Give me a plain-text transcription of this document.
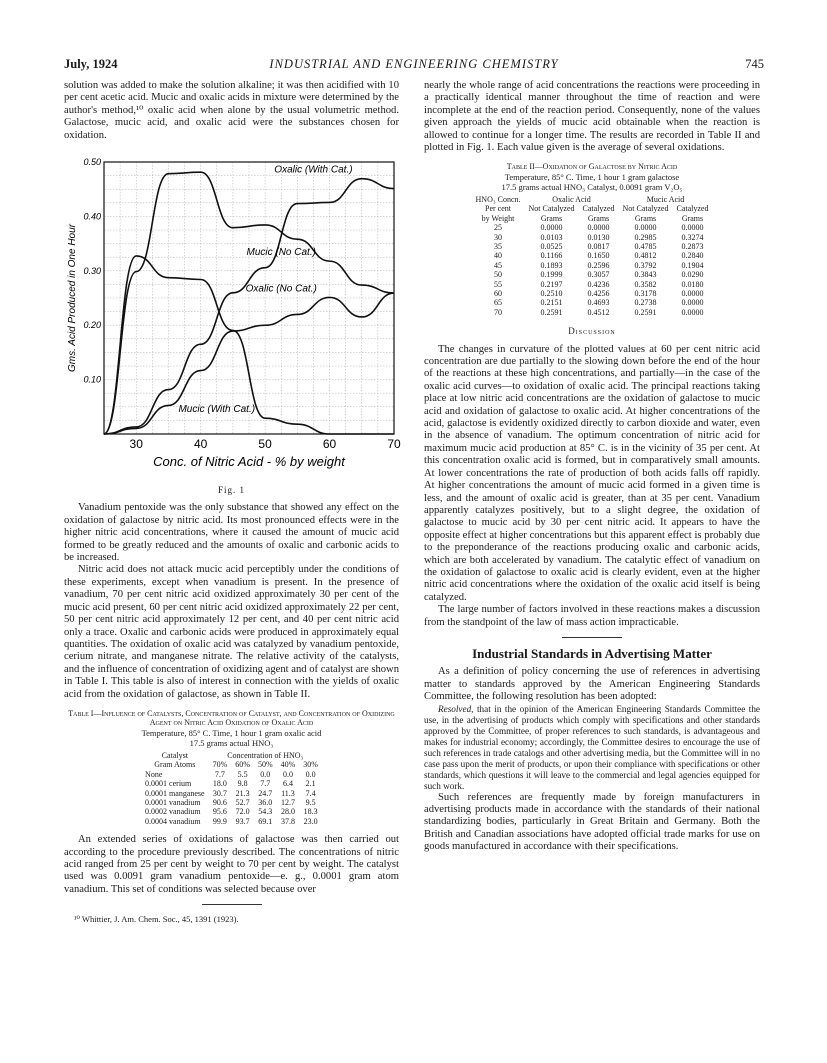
July, 1924	INDUSTRIAL AND ENGINEERING CHEMISTRY	745

solution was added to make the solution alkaline; it was then acidified with 10 per cent acetic acid. Mucic and oxalic acids in mixture were determined by the author's method,¹⁰ oxalic acid when alone by the usual volumetric method. Galactose, mucic acid, and oxalic acid were the substances chosen for oxidation.

30	40	50	60	70
0.50
0.40
0.30
0.20
0.10
Conc. of Nitric Acid - % by weight
Gms. Acid Produced in One Hour
Oxalic (With Cat.)
Mucic (No Cat.)
Oxalic (No Cat.)
Mucic (With Cat.)
Fig. 1

Vanadium pentoxide was the only substance that showed any effect on the oxidation of galactose by nitric acid. Its most pronounced effects were in the higher nitric acid concentrations, where it caused the amount of mucic acid formed to be greatly reduced and the amounts of oxalic and carbonic acids to be increased.

Nitric acid does not attack mucic acid perceptibly under the conditions of these experiments, except when vanadium is present. In the presence of vanadium, 70 per cent nitric acid oxidized approximately 30 per cent of the mucic acid present, 60 per cent nitric acid oxidized approximately 22 per cent, 50 per cent nitric acid approximately 12 per cent, and 40 per cent nitric acid only a trace. Oxalic and carbonic acids were produced in approximately equal quantities. The oxidation of oxalic acid was catalyzed by vanadium pentoxide, cerium nitrate, and manganese nitrate. The relative activity of the catalysts, and the influence of concentration of oxidizing agent and of catalyst are shown in Table I. This table is also of interest in connection with the yields of oxalic acid from the oxidation of galactose, as shown in Table II.

Table I—Influence of Catalysts, Concentration of Catalyst, and Concentration of Oxidizing Agent on Nitric Acid Oxidation of Oxalic Acid
Temperature, 85° C. Time, 1 hour 1 gram oxalic acid
17.5 grams actual HNO₃
Catalyst	Concentration of HNO₃				
Gram Atoms	70%	60%	50%	40%	30%
None	7.7	5.5	0.0	0.0	0.0
0.0001 cerium	18.0	9.8	7.7	6.4	2.1
0.0001 manganese	30.7	21.3	24.7	11.3	7.4
0.0001 vanadium	90.6	52.7	36.0	12.7	9.5
0.0002 vanadium	95.6	72.0	54.3	28.0	18.3
0.0004 vanadium	99.9	93.7	69.1	37.8	23.0

An extended series of oxidations of galactose was then carried out according to the procedure previously described. The concentrations of nitric acid ranged from 25 per cent by weight to 70 per cent by weight. The catalyst used was 0.0091 gram vanadium pentoxide—e. g., 0.0001 gram atom vanadium. This set of conditions was selected because over

¹⁰ Whittier, J. Am. Chem. Soc., 45, 1391 (1923).

nearly the whole range of acid concentrations the reactions were proceeding in a practically identical manner throughout the time of reaction and were incomplete at the end of the reaction period. Consequently, none of the values given approach the yields of mucic acid obtainable when the reaction is allowed to continue for a longer time. The results are recorded in Table II and plotted in Fig. 1. Each value given is the average of several oxidations.

Table II—Oxidation of Galactose by Nitric Acid
Temperature, 85° C. Time, 1 hour 1 gram galactose
17.5 grams actual HNO₃ Catalyst, 0.0091 gram V₂O₅
HNO₃ Concn.	Oxalic Acid		Mucic Acid	
Per cent	Not Catalyzed	Catalyzed	Not Catalyzed	Catalyzed
by Weight	Grams	Grams	Grams	Grams
25	0.0000	0.0000	0.0000	0.0000
30	0.0103	0.0130	0.2985	0.3274
35	0.0525	0.0817	0.4785	0.2873
40	0.1166	0.1650	0.4812	0.2840
45	0.1893	0.2596	0.3792	0.1904
50	0.1999	0.3057	0.3843	0.0290
55	0.2197	0.4236	0.3582	0.0180
60	0.2510	0.4256	0.3178	0.0000
65	0.2151	0.4693	0.2738	0.0000
70	0.2591	0.4512	0.2591	0.0000
Discussion

The changes in curvature of the plotted values at 60 per cent nitric acid concentration are due partially to the slowing down before the end of the hour of the reactions at these high concentrations, and partially—in the case of the oxalic acid curves—to oxidation of oxalic acid. The principal reactions taking place at low nitric acid concentrations are the oxidation of galactose to mucic acid and oxidation of galactose to oxalic acid. At higher concentrations of the acid, galactose is evidently oxidized directly to carbon dioxide and water, even in the absence of vanadium. The optimum concentration of nitric acid for maximum mucic acid production at 85° C. is in the vicinity of 35 per cent. At this concentration oxalic acid is formed, but in comparatively small amounts. At lower concentrations the rate of production of both acids falls off rapidly. At higher concentrations the amount of mucic acid formed in a given time is less, and the amount of oxalic acid is greater, than at 35 per cent. Vanadium apparently catalyzes positively, but to a slight degree, the oxidation of galactose to mucic acid by 30 per cent nitric acid. It appears to have the opposite effect at higher concentrations but this apparent effect is probably due to the preponderance of the reactions producing oxalic and carbonic acids, which are both accelerated by vanadium. The catalytic effect of vanadium on the oxidation of galactose to oxalic acid is clearly evident, even at the higher nitric acid concentrations where the oxidation of the oxalic acid itself is being catalyzed.

The large number of factors involved in these reactions makes a discussion from the standpoint of the law of mass action impracticable.

Industrial Standards in Advertising Matter

As a definition of policy concerning the use of references in advertising matter to standards approved by the American Engineering Standards Committee, the following resolution has been adopted:

Resolved, that in the opinion of the American Engineering Standards Committee the use, in the advertising of products which comply with specifications and other standards approved by the Committee, of proper references to such standards, is advantageous and makes for industrial economy; accordingly, the Committee desires to encourage the use of such references in trade catalogs and other advertising media, but the Committee will in no case pass upon the merit of products, or upon their compliance with specifications or other standards, which questions it will leave to the commercial and legal agencies equipped for such work.

Such references are frequently made by foreign manufacturers in advertising products made in accordance with the standards of their national standardizing bodies, particularly in Great Britain and Germany. Both the British and Canadian associations have adopted official trade marks for use on goods manufactured in accordance with their specifications.
